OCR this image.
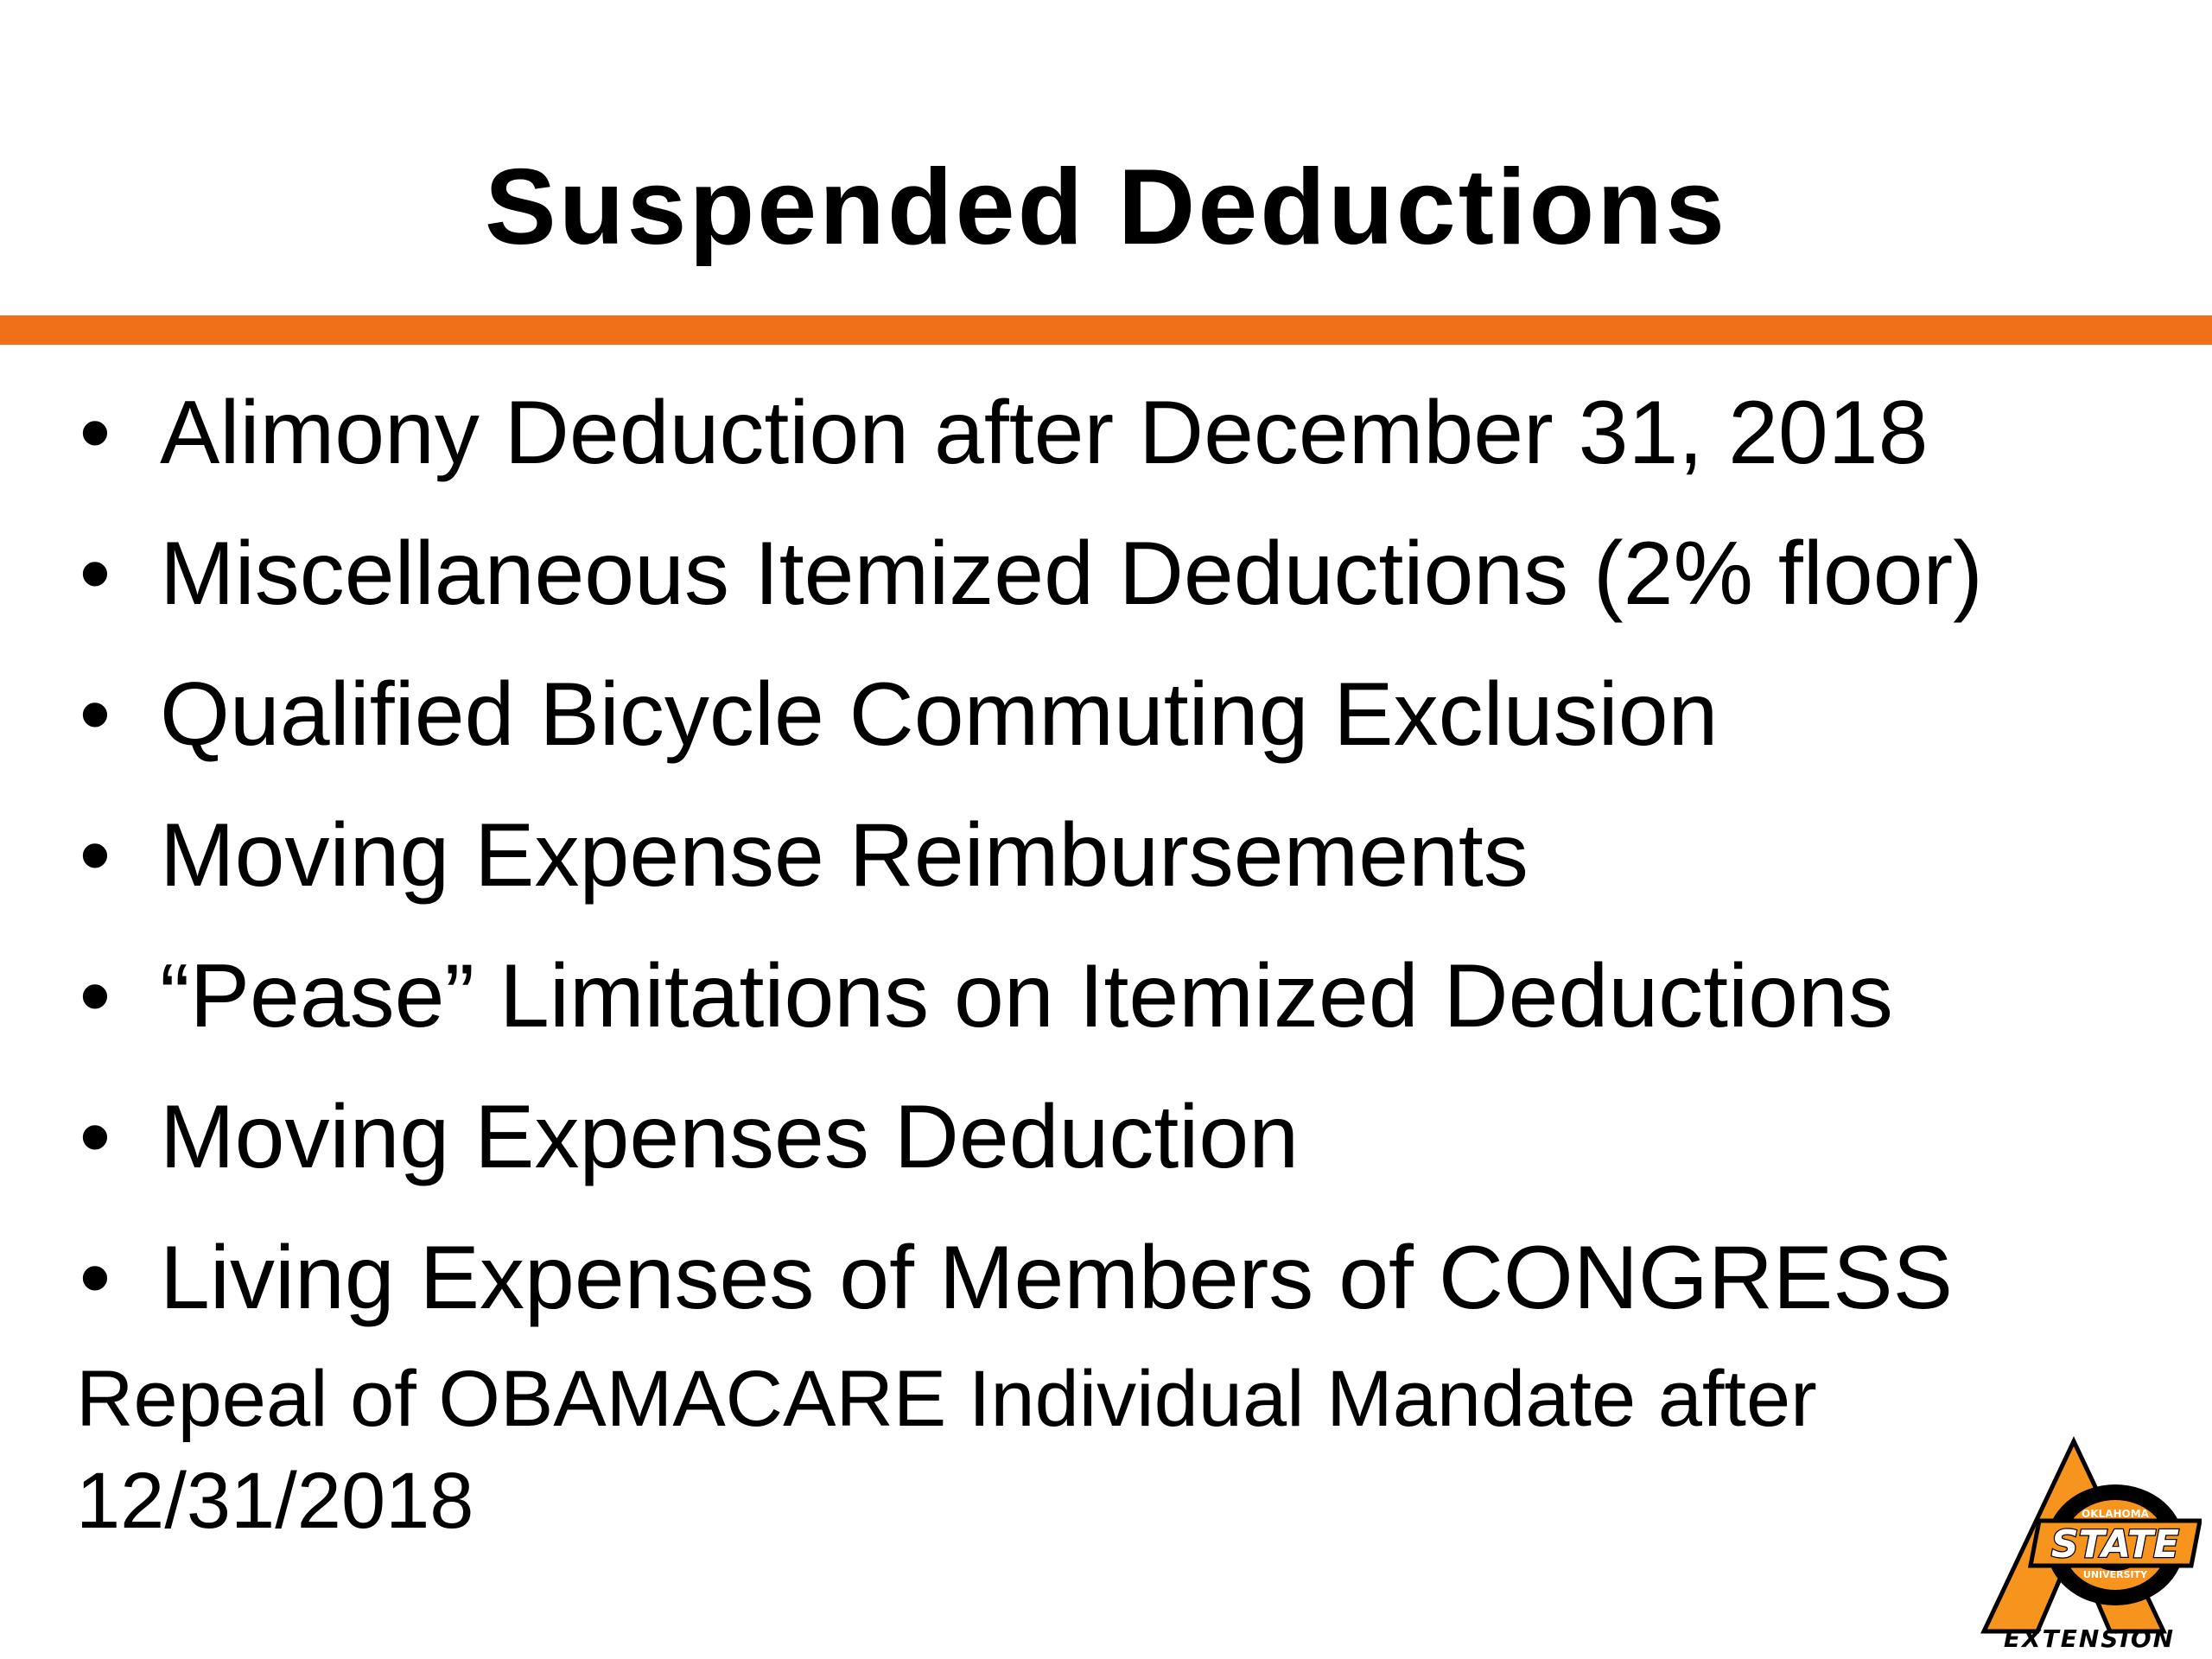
Suspended Deductions
• Alimony Deduction after December 31, 2018
• Miscellaneous Itemized Deductions (2% floor)
• Qualified Bicycle Commuting Exclusion
• Moving Expense Reimbursements
• “Pease” Limitations on Itemized Deductions
• Moving Expenses Deduction
• Living Expenses of Members of CONGRESS
Repeal of OBAMACARE Individual Mandate after
12/31/2018	OKLAHOMA
STATE
UNIVERSITY
EXTENSION
